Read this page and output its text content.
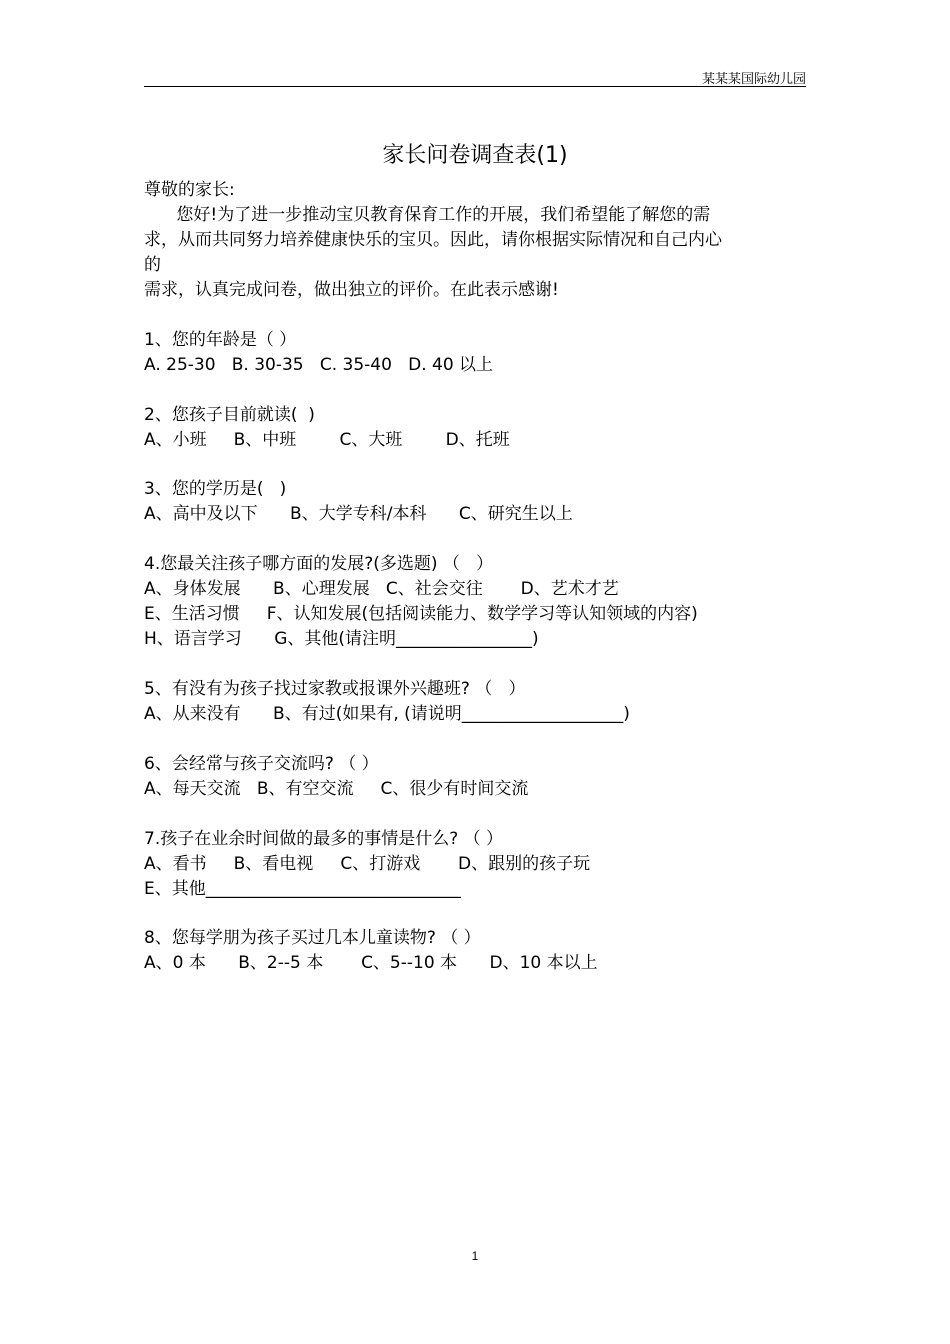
某某某国际幼儿园
家长问卷调查表(1)
尊敬的家长:
您好!为了进一步推动宝贝教育保育工作的开展，我们希望能了解您的需
求，从而共同努力培养健康快乐的宝贝。因此，请你根据实际情况和自己内心
的
需求，认真完成问卷，做出独立的评价。在此表示感谢!
1、您的年龄是（ ）
A. 25-30   B. 30-35   C. 35-40   D. 40 以上
2、您孩子目前就读(  )
A、小班     B、中班        C、大班        D、托班
3、您的学历是(   )
A、高中及以下      B、大学专科/本科      C、研究生以上
4.您最关注孩子哪方面的发展?(多选题) （   ）
A、身体发展      B、心理发展   C、社会交往       D、艺术才艺
E、生活习惯     F、认知发展(包括阅读能力、数学学习等认知领域的内容)
H、语言学习      G、其他(请注明________________)
5、有没有为孩子找过家教或报课外兴趣班? （   ）
A、从来没有      B、有过(如果有, (请说明___________________)
6、会经常与孩子交流吗? （ ）
A、每天交流   B、有空交流     C、很少有时间交流
7.孩子在业余时间做的最多的事情是什么? （ ）
A、看书     B、看电视     C、打游戏       D、跟别的孩子玩
E、其他______________________________
8、您每学朋为孩子买过几本儿童读物? （ ）
A、0 本      B、2--5 本       C、5--10 本      D、10 本以上
1
